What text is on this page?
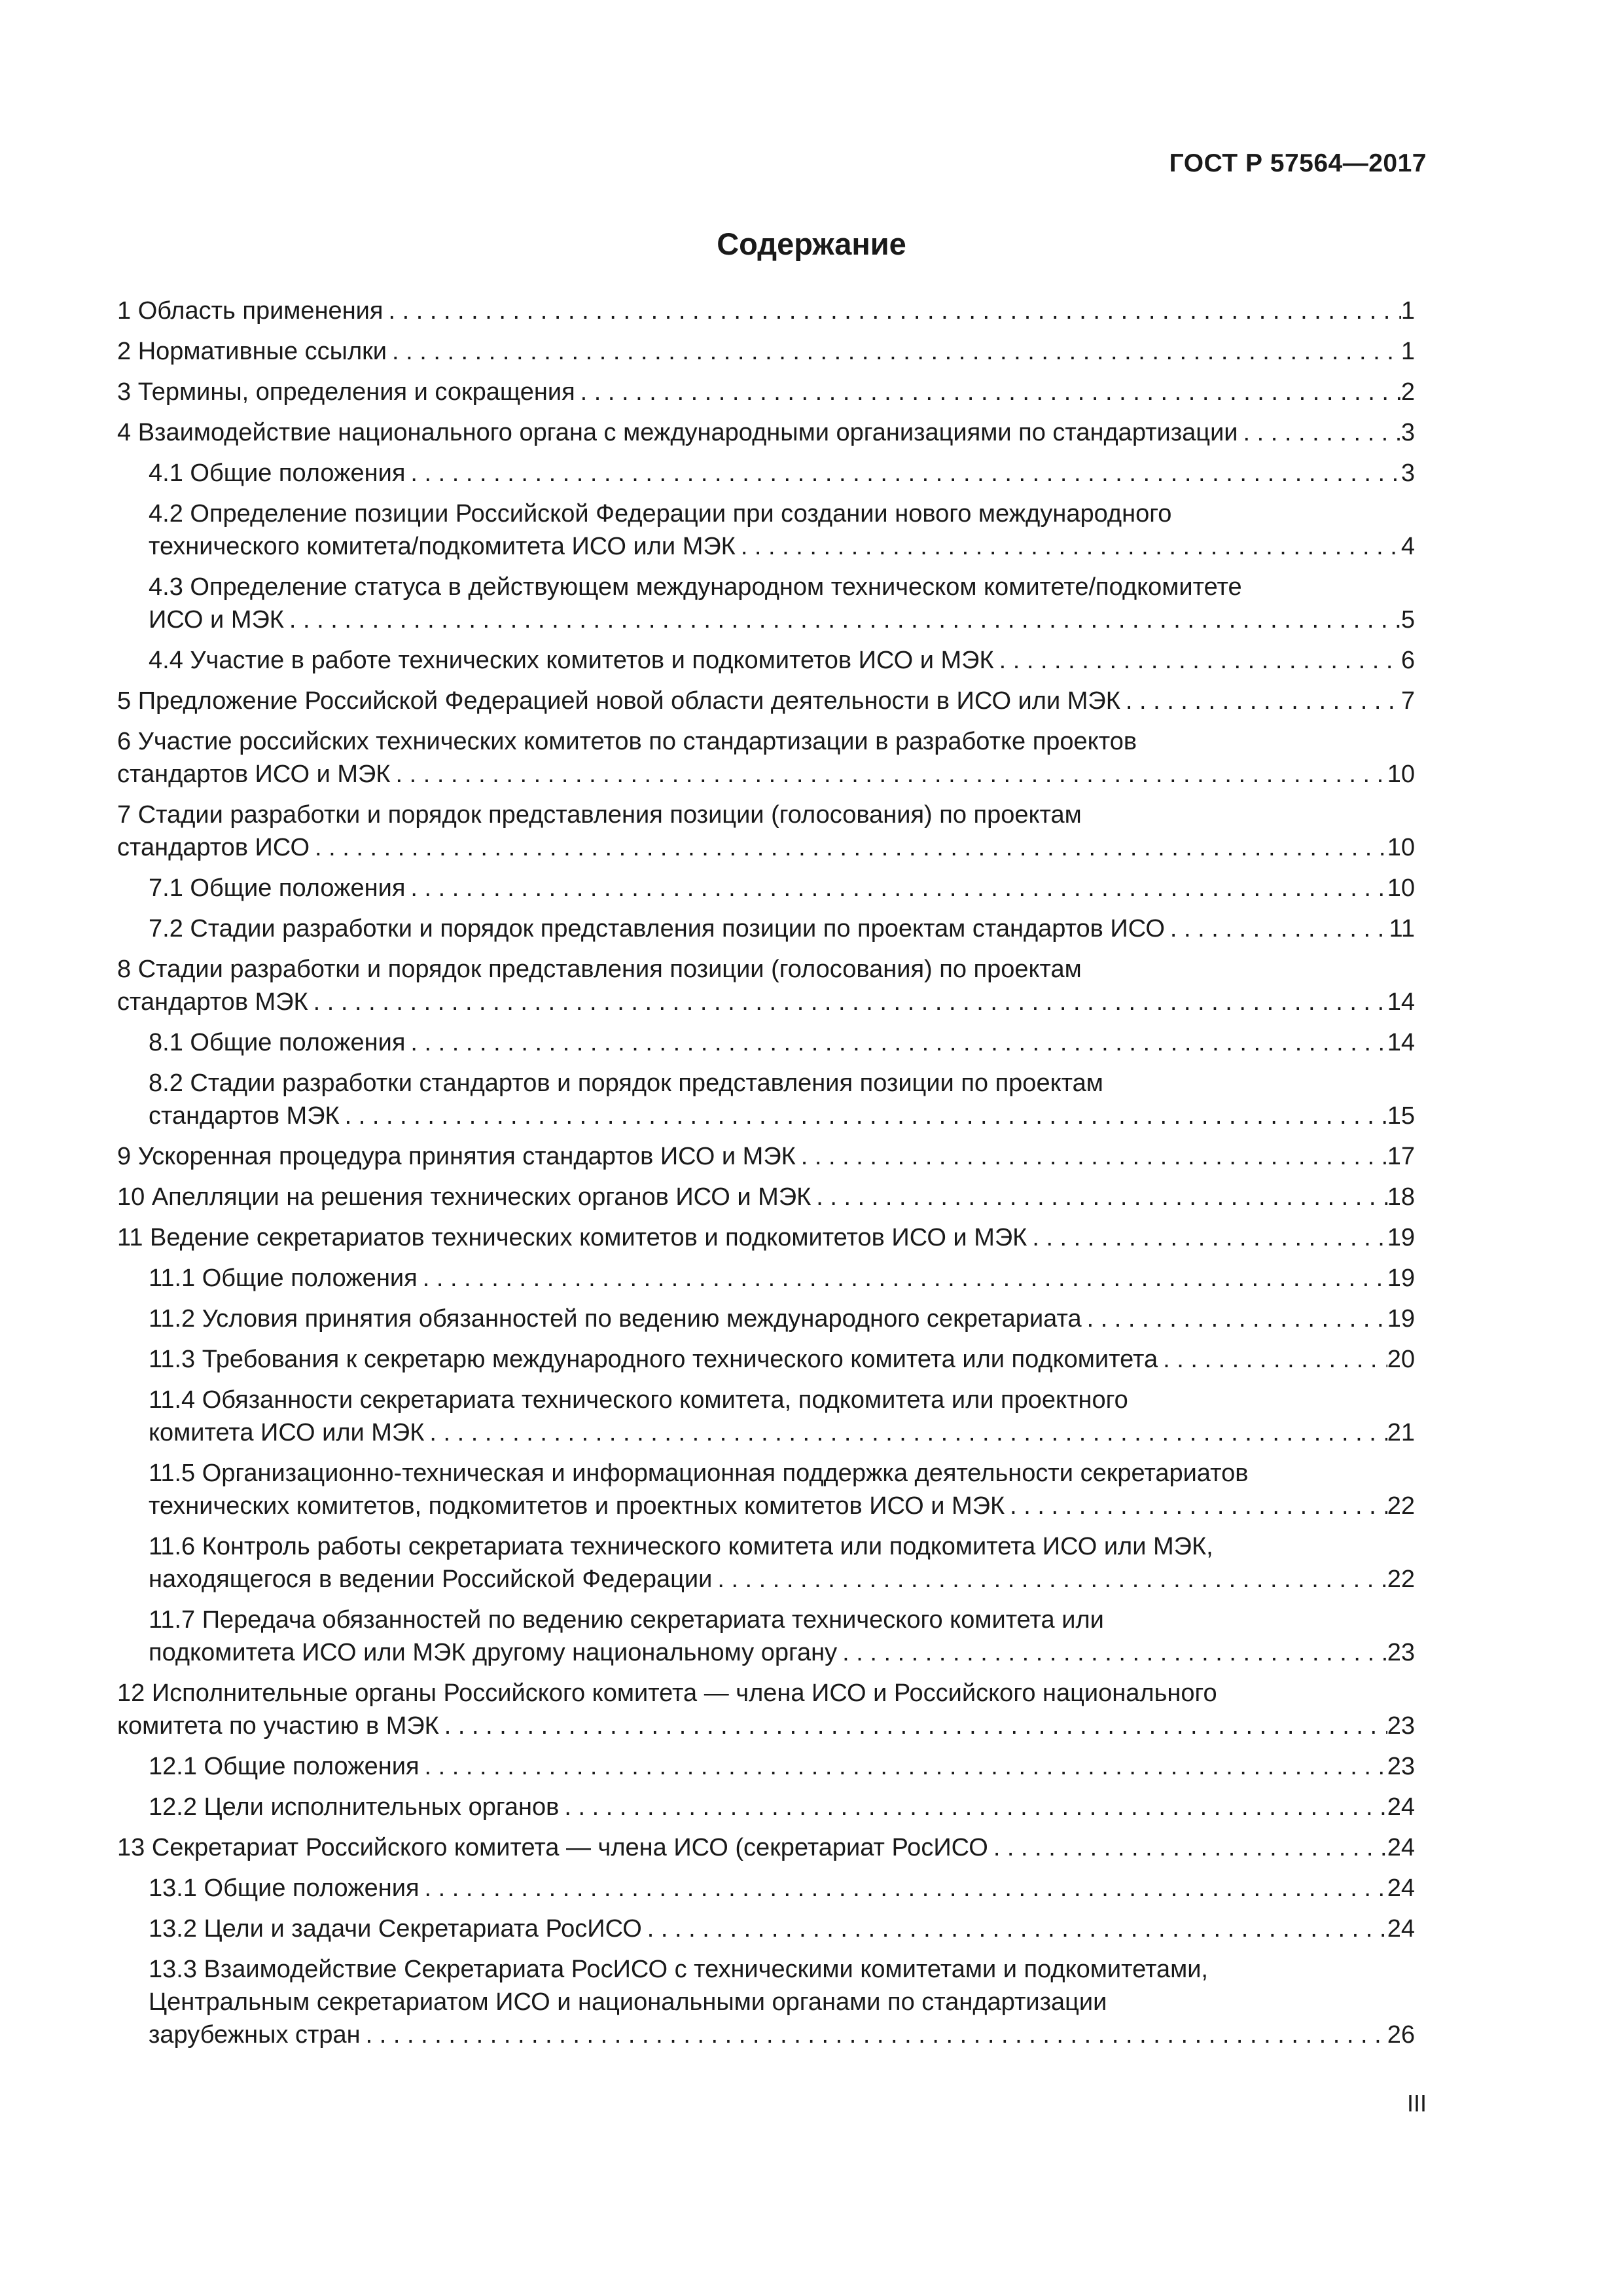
ГОСТ Р 57564—2017
Содержание
1 Область применения . . .	1
2 Нормативные ссылки . . .	1
3 Термины, определения и сокращения . . .	2
4 Взаимодействие национального органа с международными организациями по стандартизации . . .	3
4.1 Общие положения . . .	3
4.2 Определение позиции Российской Федерации при создании нового международного
технического комитета/подкомитета ИСО или МЭК . . .	4
4.3 Определение статуса в действующем международном техническом комитете/подкомитете
ИСО и МЭК . . .	5
4.4 Участие в работе технических комитетов и подкомитетов ИСО и МЭК . . .	6
5 Предложение Российской Федерацией новой области деятельности в ИСО или МЭК . . .	7
6 Участие российских технических комитетов по стандартизации в разработке проектов
стандартов ИСО и МЭК . . .	10
7 Стадии разработки и порядок представления позиции (голосования) по проектам
стандартов ИСО . . .	10
7.1 Общие положения . . .	10
7.2 Стадии разработки и порядок представления позиции по проектам стандартов ИСО . . .	11
8 Стадии разработки и порядок представления позиции (голосования) по проектам
стандартов МЭК . . .	14
8.1 Общие положения . . .	14
8.2 Стадии разработки стандартов и порядок представления позиции по проектам
стандартов МЭК . . .	15
9 Ускоренная процедура принятия стандартов ИСО и МЭК . . .	17
10 Апелляции на решения технических органов ИСО и МЭК . . .	18
11 Ведение секретариатов технических комитетов и подкомитетов ИСО и МЭК . . .	19
11.1 Общие положения . . .	19
11.2 Условия принятия обязанностей по ведению международного секретариата . . .	19
11.3 Требования к секретарю международного технического комитета или подкомитета . . .	20
11.4 Обязанности секретариата технического комитета, подкомитета или проектного
комитета ИСО или МЭК . . .	21
11.5 Организационно-техническая и информационная поддержка деятельности секретариатов
технических комитетов, подкомитетов и проектных комитетов ИСО и МЭК . . .	22
11.6 Контроль работы секретариата технического комитета или подкомитета ИСО или МЭК,
находящегося в ведении Российской Федерации . . .	22
11.7 Передача обязанностей по ведению секретариата технического комитета или
подкомитета ИСО или МЭК другому национальному органу . . .	23
12 Исполнительные органы Российского комитета — члена ИСО и Российского национального
комитета по участию в МЭК . . .	23
12.1 Общие положения . . .	23
12.2 Цели исполнительных органов . . .	24
13 Секретариат Российского комитета — члена ИСО (секретариат РосИСО . . .	24
13.1 Общие положения . . .	24
13.2 Цели и задачи Секретариата РосИСО . . .	24
13.3 Взаимодействие Секретариата РосИСО с техническими комитетами и подкомитетами,
Центральным секретариатом ИСО и национальными органами по стандартизации
зарубежных стран . . .	26
III
